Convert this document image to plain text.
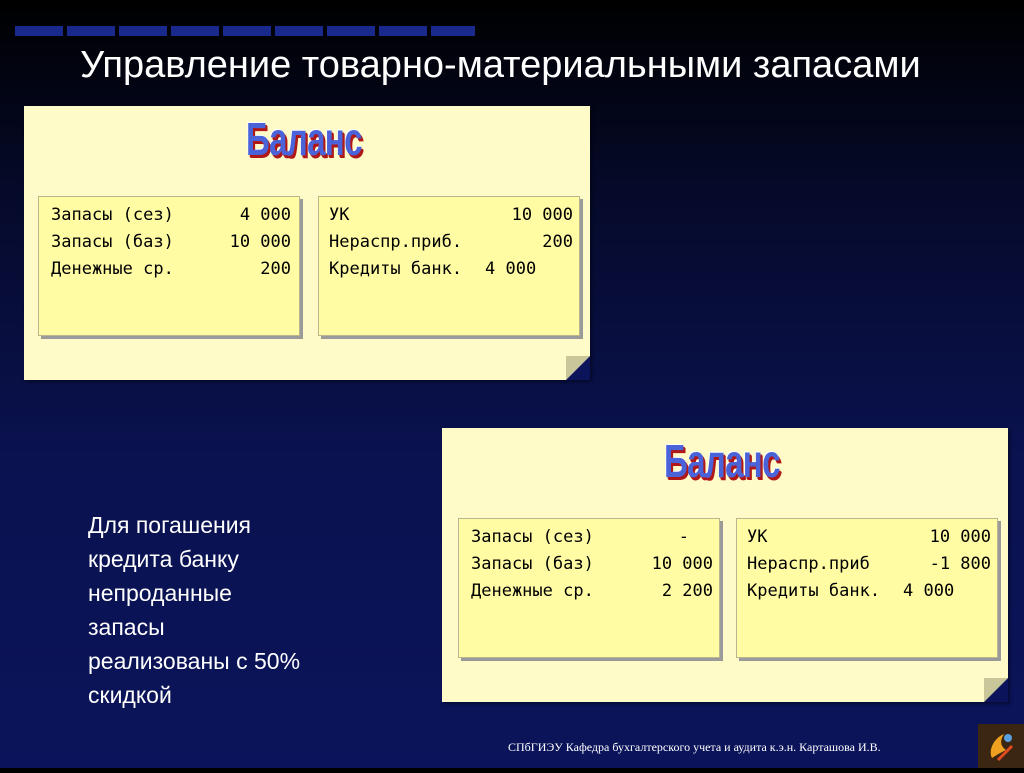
Управление товарно-материальными запасами
Баланс
Запасы (сез)	4 000
Запасы (баз)	10 000
Денежные ср.	200
УК	10 000
Нераспр.приб.	200
Кредиты банк. 4 000
Баланс
Запасы (сез)	-
Запасы (баз)	10 000
Денежные ср.	2 200
УК	10 000
Нераспр.приб	-1 800
Кредиты банк. 4 000
Для погашения
кредита банку
непроданные
запасы
реализованы с 50%
скидкой
СПбГИЭУ Кафедра бухгалтерского учета и аудита к.э.н. Карташова И.В.
